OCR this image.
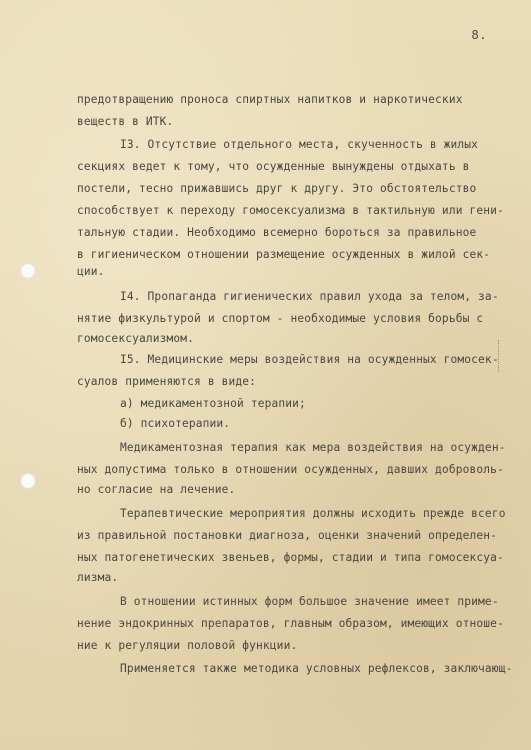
8.
предотвращению проноса спиртных напитков и наркотических
веществ в ИТК.
I3. Отсутствие отдельного места, скученность в жилых
секциях ведет к тому, что осужденные вынуждены отдыхать в
постели, тесно прижавшись друг к другу. Это обстоятельство
способствует к переходу гомосексуализма в тактильную или гени-
тальную стадии. Необходимо всемерно бороться за правильное
в гигиеническом отношении размещение осужденных в жилой сек-
ции.
I4. Пропаганда гигиенических правил ухода за телом, за-
нятие физкультурой и спортом - необходимые условия борьбы с
гомосексуализмом.
I5. Медицинские меры воздействия на осужденных гомосек-
суалов применяются в виде:
а) медикаментозной терапии;
б) психотерапии.
Медикаментозная терапия как мера воздействия на осужден-
ных допустима только в отношении осужденных, давших доброволь-
но согласие на лечение.
Терапевтические мероприятия должны исходить прежде всего
из правильной постановки диагноза, оценки значений определен-
ных патогенетических звеньев, формы, стадии и типа гомосексуа-
лизма.
В отношении истинных форм большое значение имеет приме-
нение эндокринных препаратов, главным образом, имеющих отноше-
ние к регуляции половой функции.
Применяется также методика условных рефлексов, заключающ-
